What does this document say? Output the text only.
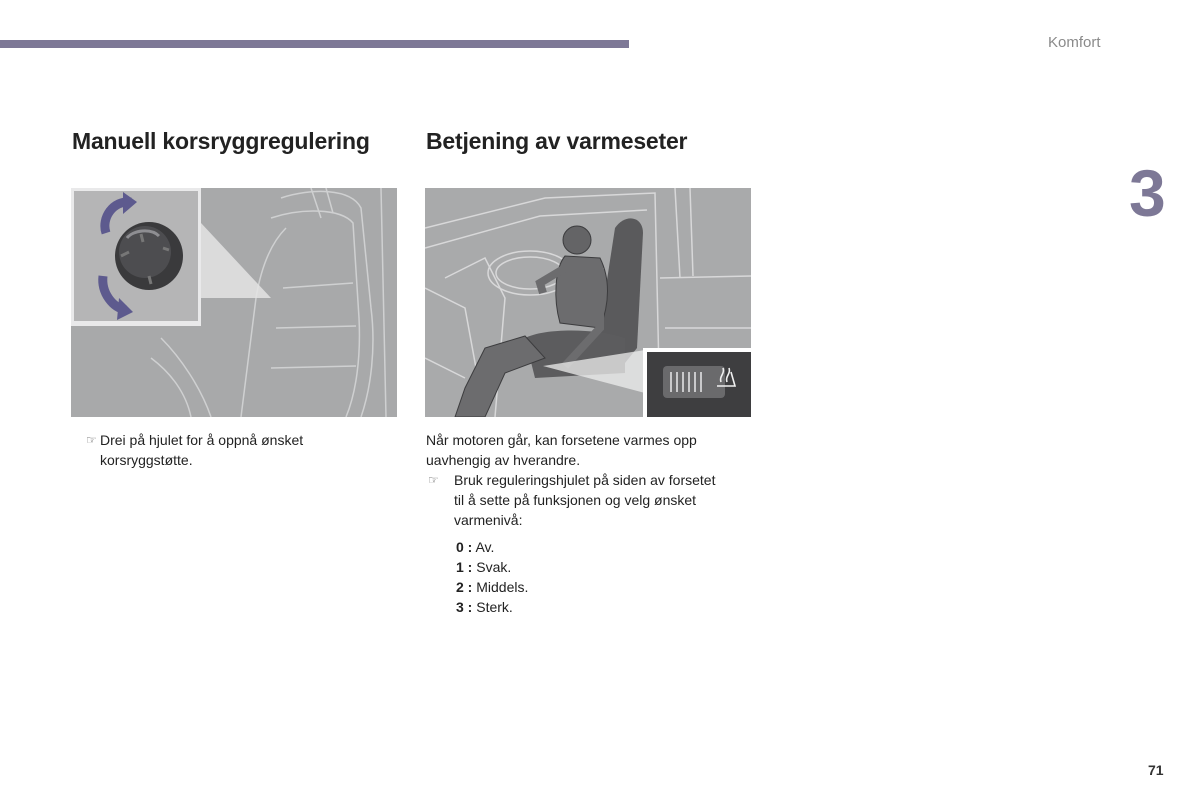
Komfort
3
Manuell korsryggregulering Betjening av varmeseter
☞ Drei på hjulet for å oppnå ønsket
korsryggstøtte.
Når motoren går, kan forsetene varmes opp
uavhengig av hverandre.
☞ Bruk reguleringshjulet på siden av forsetet
til å sette på funksjonen og velg ønsket
varmenivå:
0 : Av.
1 : Svak.
2 : Middels.
3 : Sterk.
71
